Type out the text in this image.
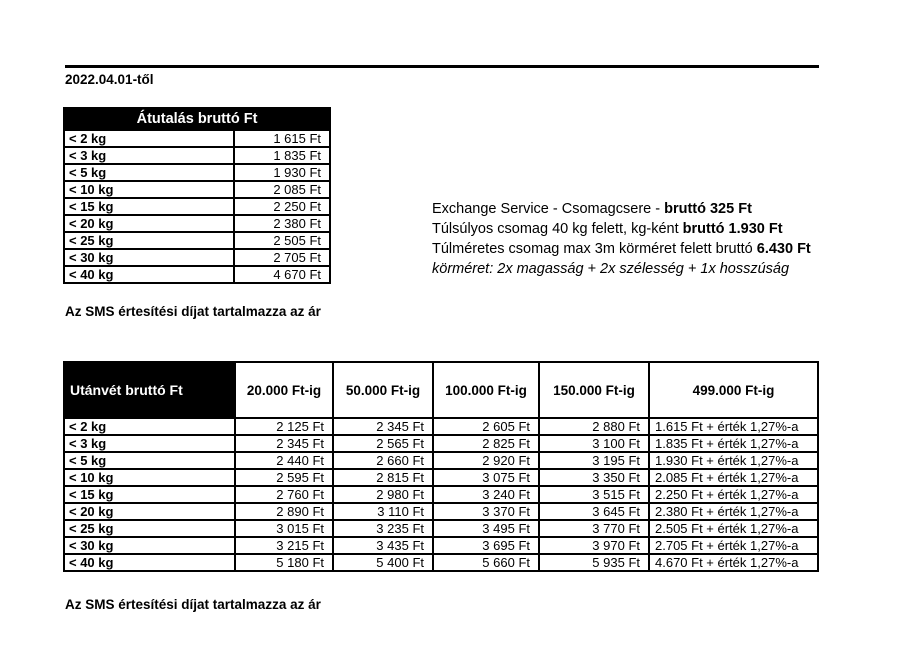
2022.04.01-től
Átutalás bruttó Ft	
< 2 kg	1 615 Ft
< 3 kg	1 835 Ft
< 5 kg	1 930 Ft
< 10 kg	2 085 Ft
< 15 kg	2 250 Ft
< 20 kg	2 380 Ft
< 25 kg	2 505 Ft
< 30 kg	2 705 Ft
< 40 kg	4 670 Ft
Az SMS értesítési díjat tartalmazza az ár
Exchange Service - Csomagcsere - bruttó 325 Ft
Túlsúlyos csomag 40 kg felett, kg-ként bruttó 1.930 Ft
Túlméretes csomag max 3m körméret felett bruttó 6.430 Ft
körméret: 2x magasság + 2x szélesség + 1x hosszúság
Utánvét bruttó Ft	20.000 Ft-ig	50.000 Ft-ig	100.000 Ft-ig	150.000 Ft-ig	499.000 Ft-ig
< 2 kg	2 125 Ft	2 345 Ft	2 605 Ft	2 880 Ft	1.615 Ft + érték 1,27%-a
< 3 kg	2 345 Ft	2 565 Ft	2 825 Ft	3 100 Ft	1.835 Ft + érték 1,27%-a
< 5 kg	2 440 Ft	2 660 Ft	2 920 Ft	3 195 Ft	1.930 Ft + érték 1,27%-a
< 10 kg	2 595 Ft	2 815 Ft	3 075 Ft	3 350 Ft	2.085 Ft + érték 1,27%-a
< 15 kg	2 760 Ft	2 980 Ft	3 240 Ft	3 515 Ft	2.250 Ft + érték 1,27%-a
< 20 kg	2 890 Ft	3 110 Ft	3 370 Ft	3 645 Ft	2.380 Ft + érték 1,27%-a
< 25 kg	3 015 Ft	3 235 Ft	3 495 Ft	3 770 Ft	2.505 Ft + érték 1,27%-a
< 30 kg	3 215 Ft	3 435 Ft	3 695 Ft	3 970 Ft	2.705 Ft + érték 1,27%-a
< 40 kg	5 180 Ft	5 400 Ft	5 660 Ft	5 935 Ft	4.670 Ft + érték 1,27%-a
Az SMS értesítési díjat tartalmazza az ár
